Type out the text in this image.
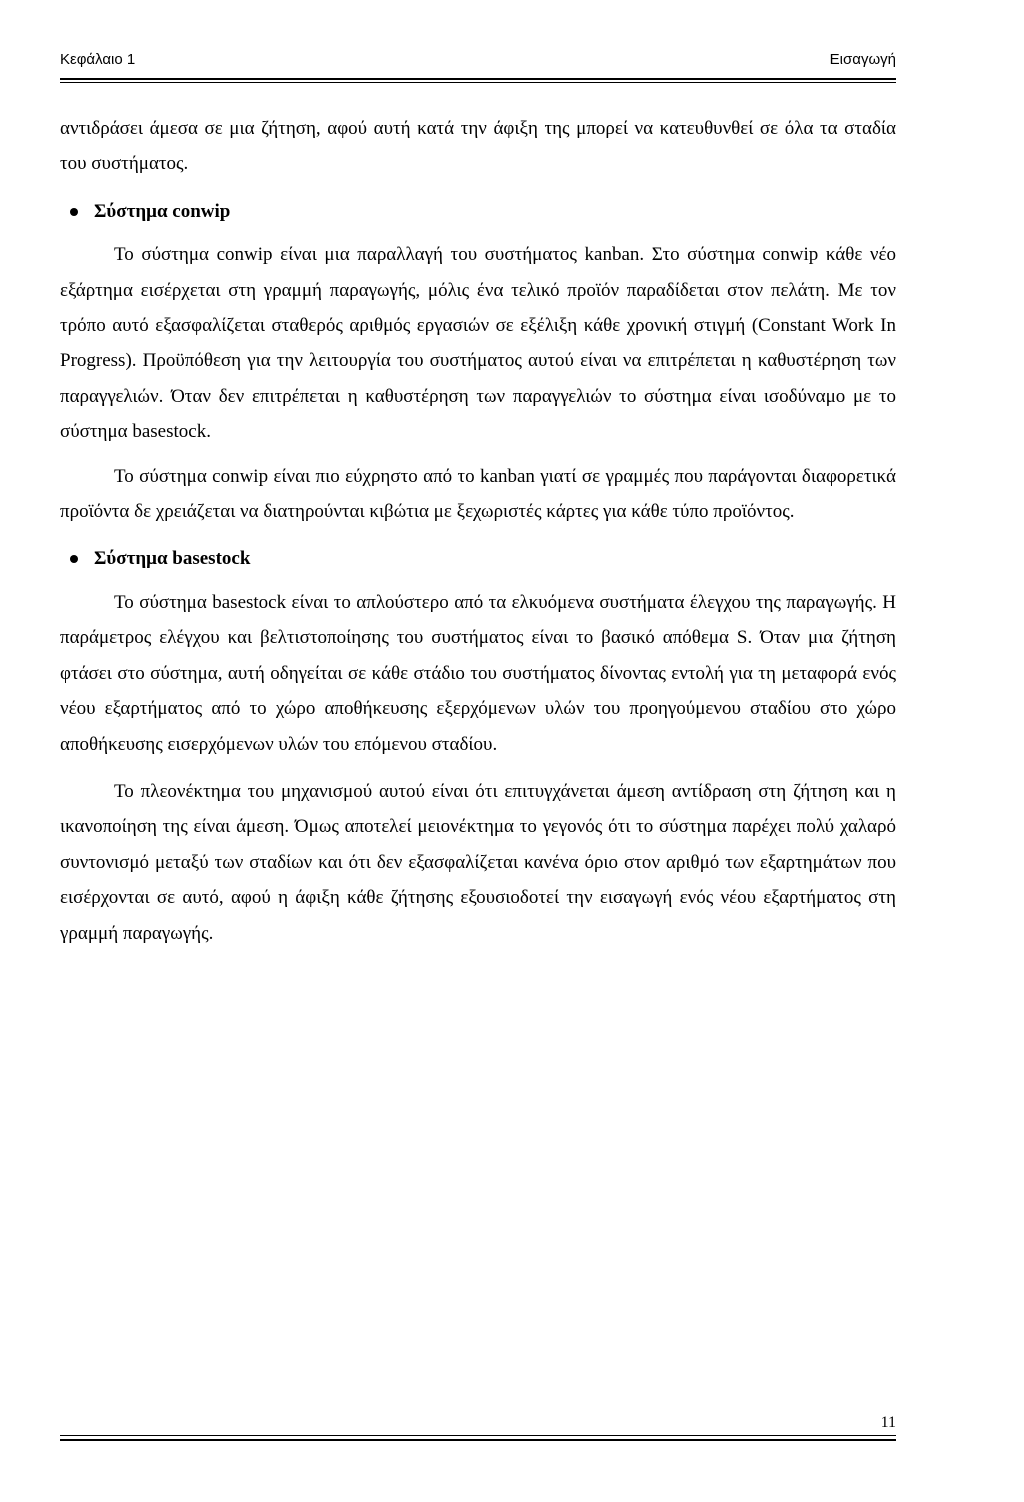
Κεφάλαιο 1	Εισαγωγή

αντιδράσει άμεσα σε μια ζήτηση, αφού αυτή κατά την άφιξη της μπορεί να κατευθυνθεί σε όλα τα σταδία του συστήματος.

Σύστημα conwip

Το σύστημα conwip είναι μια παραλλαγή του συστήματος kanban. Στο σύστημα conwip κάθε νέο εξάρτημα εισέρχεται στη γραμμή παραγωγής, μόλις ένα τελικό προϊόν παραδίδεται στον πελάτη. Με τον τρόπο αυτό εξασφαλίζεται σταθερός αριθμός εργασιών σε εξέλιξη κάθε χρονική στιγμή (Constant Work In Progress). Προϋπόθεση για την λειτουργία του συστήματος αυτού είναι να επιτρέπεται η καθυστέρηση των παραγγελιών. Όταν δεν επιτρέπεται η καθυστέρηση των παραγγελιών το σύστημα είναι ισοδύναμο με το σύστημα basestock.

Το σύστημα conwip είναι πιο εύχρηστο από το kanban γιατί σε γραμμές που παράγονται διαφορετικά προϊόντα δε χρειάζεται να διατηρούνται κιβώτια με ξεχωριστές κάρτες για κάθε τύπο προϊόντος.

Σύστημα basestock

Το σύστημα basestock είναι το απλούστερο από τα ελκυόμενα συστήματα έλεγχου της παραγωγής. Η παράμετρος ελέγχου και βελτιστοποίησης του συστήματος είναι το βασικό απόθεμα S. Όταν μια ζήτηση φτάσει στο σύστημα, αυτή οδηγείται σε κάθε στάδιο του συστήματος δίνοντας εντολή για τη μεταφορά ενός νέου εξαρτήματος από το χώρο αποθήκευσης εξερχόμενων υλών του προηγούμενου σταδίου στο χώρο αποθήκευσης εισερχόμενων υλών του επόμενου σταδίου.

Το πλεονέκτημα του μηχανισμού αυτού είναι ότι επιτυγχάνεται άμεση αντίδραση στη ζήτηση και η ικανοποίηση της είναι άμεση. Όμως αποτελεί μειονέκτημα το γεγονός ότι το σύστημα παρέχει πολύ χαλαρό συντονισμό μεταξύ των σταδίων και ότι δεν εξασφαλίζεται κανένα όριο στον αριθμό των εξαρτημάτων που εισέρχονται σε αυτό, αφού η άφιξη κάθε ζήτησης εξουσιοδοτεί την εισαγωγή ενός νέου εξαρτήματος στη γραμμή παραγωγής.

11
